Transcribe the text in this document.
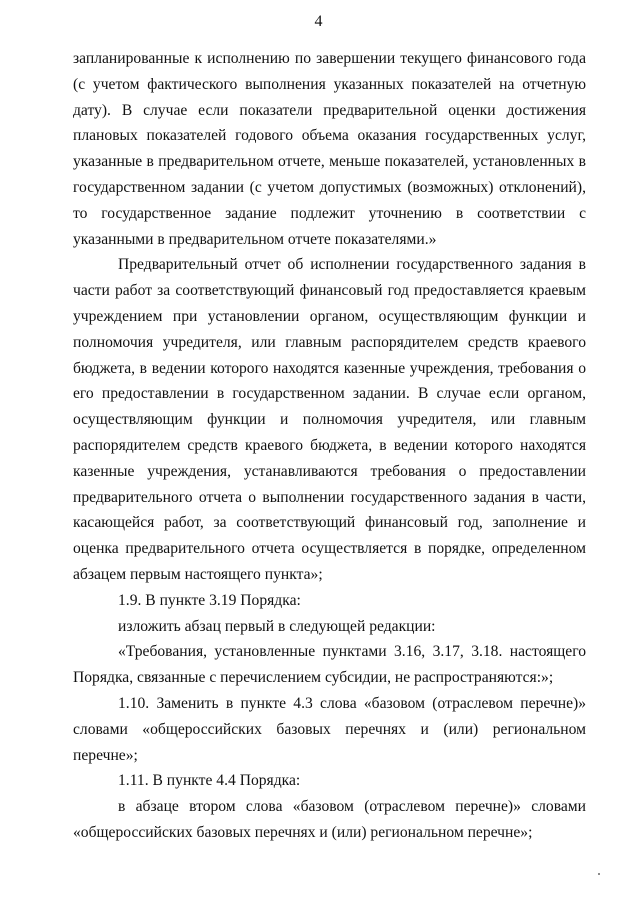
4

запланированные к исполнению по завершении текущего финансового года (с учетом фактического выполнения указанных показателей на отчетную дату). В случае если показатели предварительной оценки достижения плановых показателей годового объема оказания государственных услуг, указанные в предварительном отчете, меньше показателей, установленных в государственном задании (с учетом допустимых (возможных) отклонений), то государственное задание подлежит уточнению в соответствии с указанными в предварительном отчете показателями.»

Предварительный отчет об исполнении государственного задания в части работ за соответствующий финансовый год предоставляется краевым учреждением при установлении органом, осуществляющим функции и полномочия учредителя, или главным распорядителем средств краевого бюджета, в ведении которого находятся казенные учреждения, требования о его предоставлении в государственном задании. В случае если органом, осуществляющим функции и полномочия учредителя, или главным распорядителем средств краевого бюджета, в ведении которого находятся казенные учреждения, устанавливаются требования о предоставлении предварительного отчета о выполнении государственного задания в части, касающейся работ, за соответствующий финансовый год, заполнение и оценка предварительного отчета осуществляется в порядке, определенном абзацем первым настоящего пункта»;

1.9. В пункте 3.19 Порядка:

изложить абзац первый в следующей редакции:

«Требования, установленные пунктами 3.16, 3.17, 3.18. настоящего Порядка, связанные с перечислением субсидии, не распространяются:»;

1.10. Заменить в пункте 4.3 слова «базовом (отраслевом перечне)» словами «общероссийских базовых перечнях и (или) региональном перечне»;

1.11. В пункте 4.4 Порядка:

в абзаце втором слова «базовом (отраслевом перечне)» словами «общероссийских базовых перечнях и (или) региональном перечне»;
